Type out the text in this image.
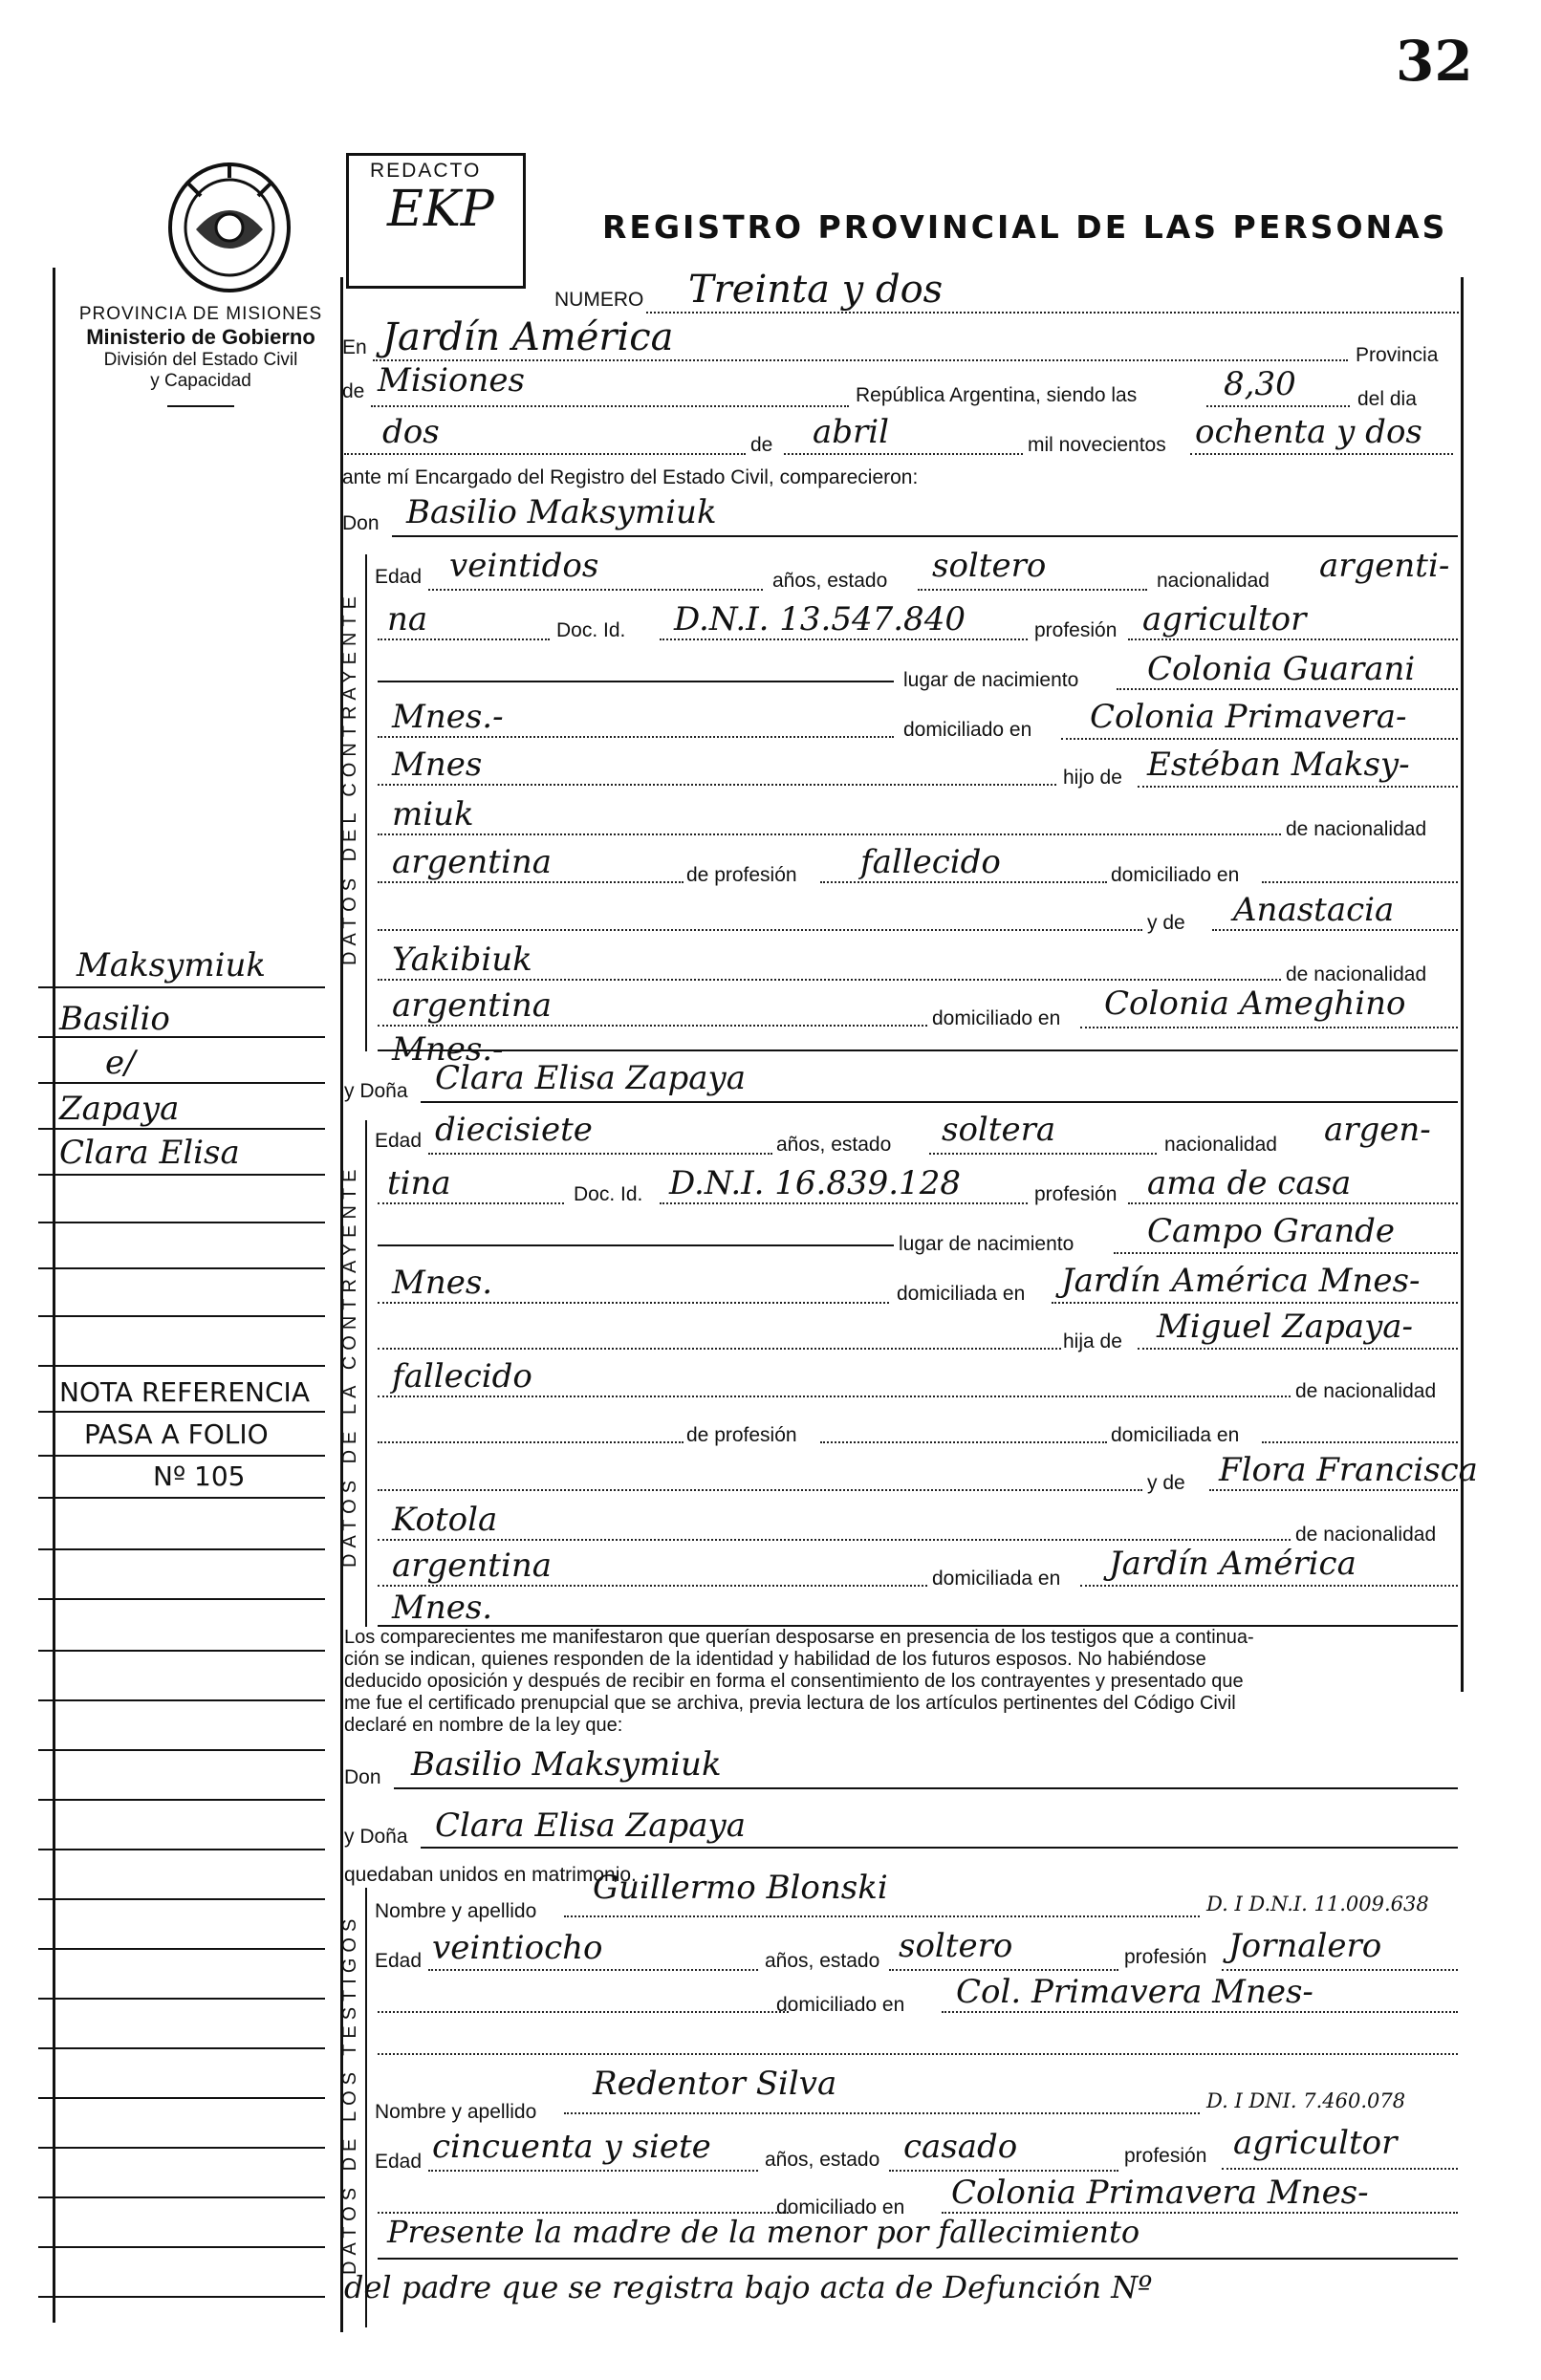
32
PROVINCIA DE MISIONES
Ministerio de Gobierno
División del Estado Civil
y Capacidad
REDACTO
EKP	REGISTRO PROVINCIAL DE LAS PERSONAS
NUMERO Treinta y dos
En Jardín América	Provincia
de Misiones	República Argentina, siendo las	8,30	del dia
dos	de abril	mil novecientos ochenta y dos
ante mí Encargado del Registro del Estado Civil, comparecieron:
Don Basilio Maksymiuk
DATOS DEL CONTRAYENTE
Edad veintidos	años, estado soltero	nacionalidad argenti-
na	Doc. Id. D.N.I. 13.547.840	profesión agricultor
lugar de nacimiento Colonia Guarani
Mnes.-	domiciliado en Colonia Primavera-
Mnes	hijo de Estéban Maksy-
miuk	de nacionalidad
argentina	de profesión fallecido	domiciliado en
y de Anastacia
Yakibiuk	de nacionalidad
argentina	domiciliado en Colonia Ameghino
Mnes.-
y Doña Clara Elisa Zapaya
DATOS DE LA CONTRAYENTE
Edad diecisiete	años, estado soltera	nacionalidad argen-
tina	Doc. Id. D.N.I. 16.839.128	profesión ama de casa
lugar de nacimiento Campo Grande
Mnes.	domiciliada en Jardín América Mnes-
hija de Miguel Zapaya-
fallecido	de nacionalidad
de profesión	domiciliada en
y de Flora Francisca
Kotola	de nacionalidad
argentina	domiciliada en Jardín América
Mnes.
Los comparecientes me manifestaron que querían desposarse en presencia de los testigos que a continua-
ción se indican, quienes responden de la identidad y habilidad de los futuros esposos. No habiéndose
deducido oposición y después de recibir en forma el consentimiento de los contrayentes y presentado que
me fue el certificado prenupcial que se archiva, previa lectura de los artículos pertinentes del Código Civil
declaré en nombre de la ley que:
Don Basilio Maksymiuk
y Doña Clara Elisa Zapaya
quedaban unidos en matrimonio.
DATOS DE LOS TESTIGOS
Nombre y apellido
Guillermo Blonski	D. I D.N.I. 11.009.638
Edad veintiocho	años, estado soltero	profesión Jornalero
domiciliado en Col. Primavera Mnes-
Nombre y apellido
Redentor Silva	D. I DNI. 7.460.078
Edad cincuenta y siete	años, estado casado	profesión agricultor
domiciliado en Colonia Primavera Mnes-
Presente la madre de la menor por fallecimiento
del padre que se registra bajo acta de Defunción Nº
Maksymiuk
Basilio
e/
Zapaya
Clara Elisa
NOTA REFERENCIA
PASA A FOLIO
Nº 105
